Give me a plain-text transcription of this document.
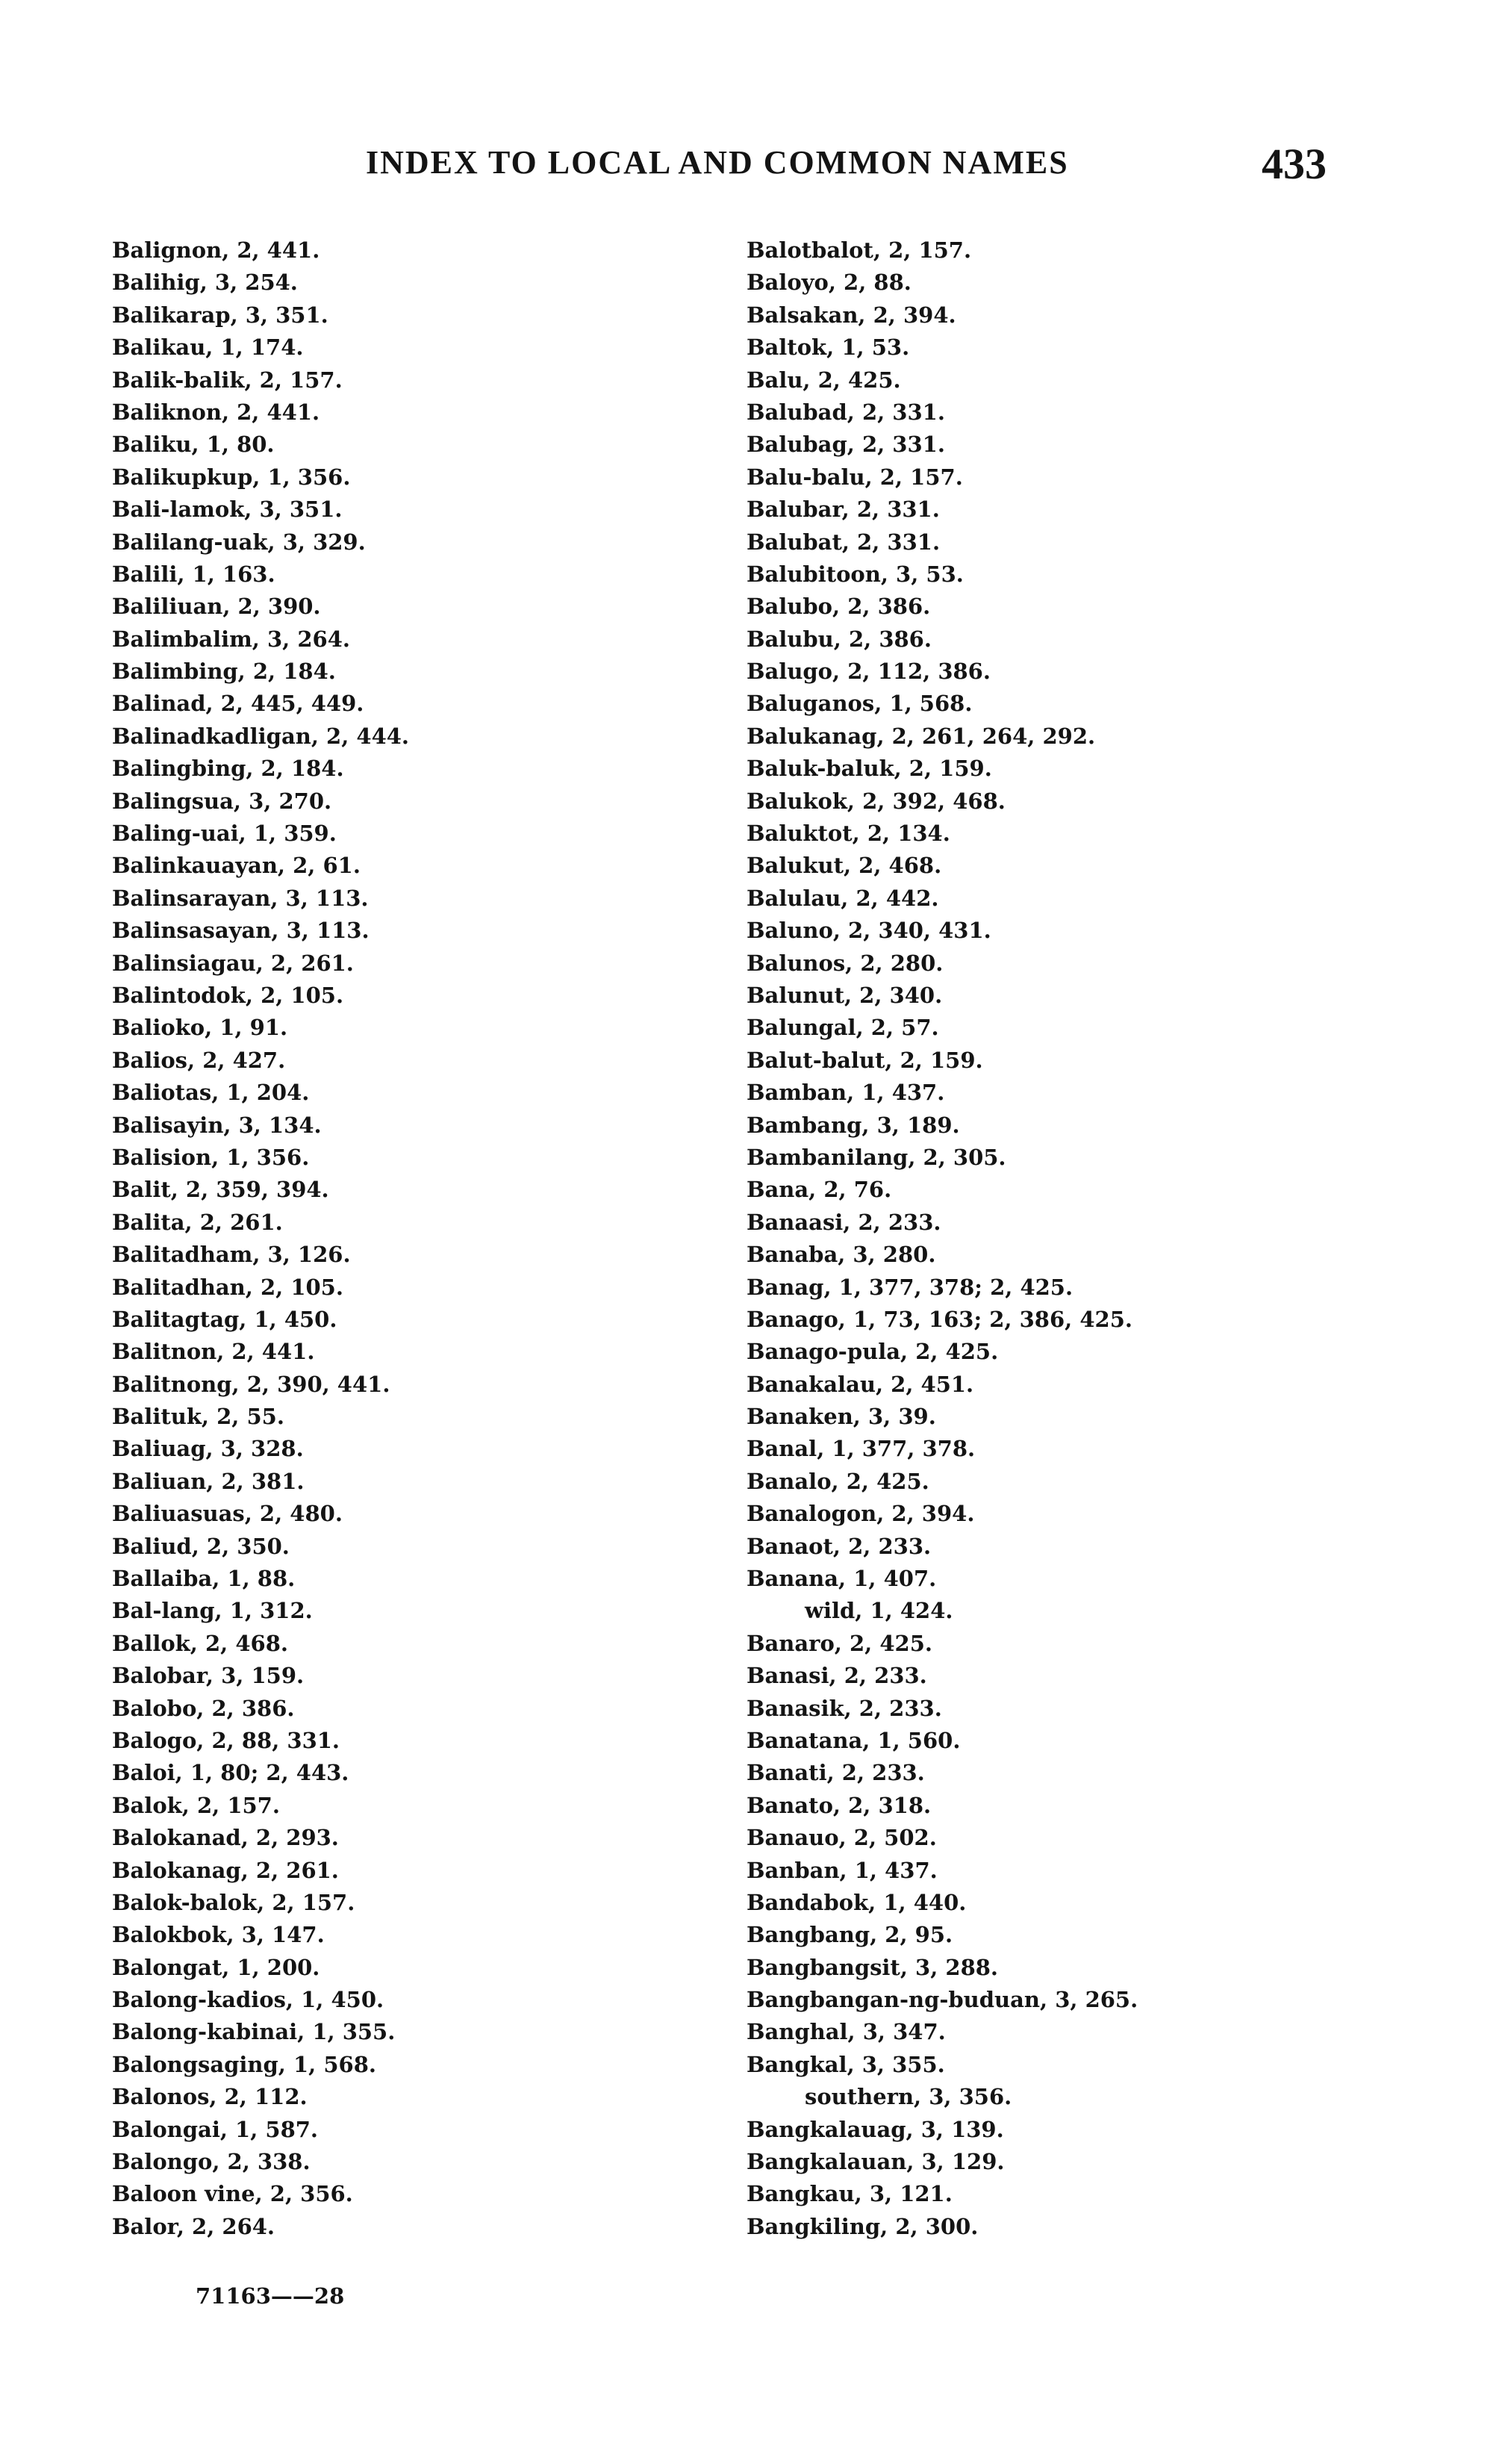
INDEX TO LOCAL AND COMMON NAMES	433
Balignon, 2, 441.
Balihig, 3, 254.
Balikarap, 3, 351.
Balikau, 1, 174.
Balik-balik, 2, 157.
Baliknon, 2, 441.
Baliku, 1, 80.
Balikupkup, 1, 356.
Bali-lamok, 3, 351.
Balilang-uak, 3, 329.
Balili, 1, 163.
Baliliuan, 2, 390.
Balimbalim, 3, 264.
Balimbing, 2, 184.
Balinad, 2, 445, 449.
Balinadkadligan, 2, 444.
Balingbing, 2, 184.
Balingsua, 3, 270.
Baling-uai, 1, 359.
Balinkauayan, 2, 61.
Balinsarayan, 3, 113.
Balinsasayan, 3, 113.
Balinsiagau, 2, 261.
Balintodok, 2, 105.
Balioko, 1, 91.
Balios, 2, 427.
Baliotas, 1, 204.
Balisayin, 3, 134.
Balision, 1, 356.
Balit, 2, 359, 394.
Balita, 2, 261.
Balitadham, 3, 126.
Balitadhan, 2, 105.
Balitagtag, 1, 450.
Balitnon, 2, 441.
Balitnong, 2, 390, 441.
Balituk, 2, 55.
Baliuag, 3, 328.
Baliuan, 2, 381.
Baliuasuas, 2, 480.
Baliud, 2, 350.
Ballaiba, 1, 88.
Bal-lang, 1, 312.
Ballok, 2, 468.
Balobar, 3, 159.
Balobo, 2, 386.
Balogo, 2, 88, 331.
Baloi, 1, 80; 2, 443.
Balok, 2, 157.
Balokanad, 2, 293.
Balokanag, 2, 261.
Balok-balok, 2, 157.
Balokbok, 3, 147.
Balongat, 1, 200.
Balong-kadios, 1, 450.
Balong-kabinai, 1, 355.
Balongsaging, 1, 568.
Balonos, 2, 112.
Balongai, 1, 587.
Balongo, 2, 338.
Baloon vine, 2, 356.
Balor, 2, 264.
Balotbalot, 2, 157.
Baloyo, 2, 88.
Balsakan, 2, 394.
Baltok, 1, 53.
Balu, 2, 425.
Balubad, 2, 331.
Balubag, 2, 331.
Balu-balu, 2, 157.
Balubar, 2, 331.
Balubat, 2, 331.
Balubitoon, 3, 53.
Balubo, 2, 386.
Balubu, 2, 386.
Balugo, 2, 112, 386.
Baluganos, 1, 568.
Balukanag, 2, 261, 264, 292.
Baluk-baluk, 2, 159.
Balukok, 2, 392, 468.
Baluktot, 2, 134.
Balukut, 2, 468.
Balulau, 2, 442.
Baluno, 2, 340, 431.
Balunos, 2, 280.
Balunut, 2, 340.
Balungal, 2, 57.
Balut-balut, 2, 159.
Bamban, 1, 437.
Bambang, 3, 189.
Bambanilang, 2, 305.
Bana, 2, 76.
Banaasi, 2, 233.
Banaba, 3, 280.
Banag, 1, 377, 378; 2, 425.
Banago, 1, 73, 163; 2, 386, 425.
Banago-pula, 2, 425.
Banakalau, 2, 451.
Banaken, 3, 39.
Banal, 1, 377, 378.
Banalo, 2, 425.
Banalogon, 2, 394.
Banaot, 2, 233.
Banana, 1, 407.
wild, 1, 424.
Banaro, 2, 425.
Banasi, 2, 233.
Banasik, 2, 233.
Banatana, 1, 560.
Banati, 2, 233.
Banato, 2, 318.
Banauo, 2, 502.
Banban, 1, 437.
Bandabok, 1, 440.
Bangbang, 2, 95.
Bangbangsit, 3, 288.
Bangbangan-ng-buduan, 3, 265.
Banghal, 3, 347.
Bangkal, 3, 355.
southern, 3, 356.
Bangkalauag, 3, 139.
Bangkalauan, 3, 129.
Bangkau, 3, 121.
Bangkiling, 2, 300.
71163——28
